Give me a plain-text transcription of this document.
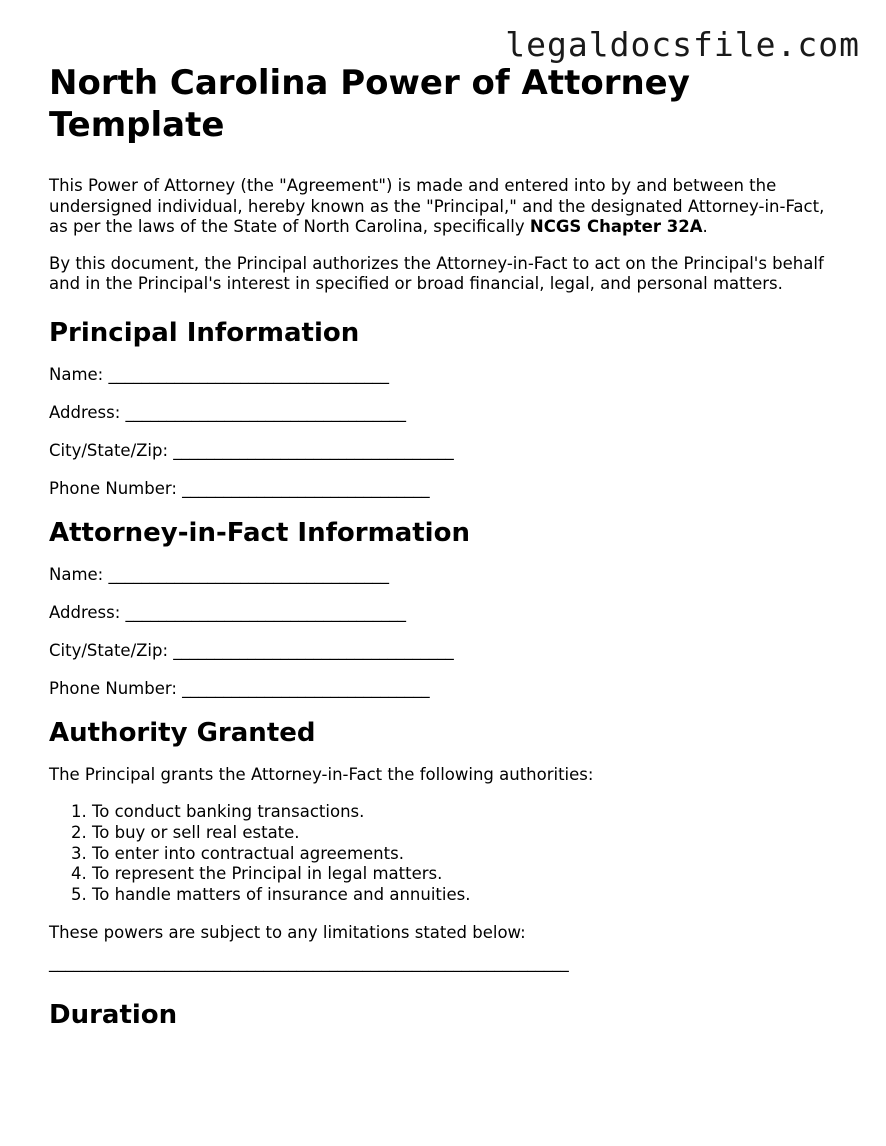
legaldocsfile.com
North Carolina Power of Attorney Template

This Power of Attorney (the "Agreement") is made and entered into by and between the undersigned individual, hereby known as the "Principal," and the designated Attorney-in-Fact, as per the laws of the State of North Carolina, specifically NCGS Chapter 32A.

By this document, the Principal authorizes the Attorney-in-Fact to act on the Principal's behalf and in the Principal's interest in specified or broad financial, legal, and personal matters.

Principal Information
Name: __________________________________
Address: __________________________________
City/State/Zip: __________________________________
Phone Number: ______________________________
Attorney-in-Fact Information
Name: __________________________________
Address: __________________________________
City/State/Zip: __________________________________
Phone Number: ______________________________
Authority Granted

The Principal grants the Attorney-in-Fact the following authorities:

1. To conduct banking transactions.
2. To buy or sell real estate.
3. To enter into contractual agreements.
4. To represent the Principal in legal matters.
5. To handle matters of insurance and annuities.

These powers are subject to any limitations stated below:

_______________________________________________________________
Duration
